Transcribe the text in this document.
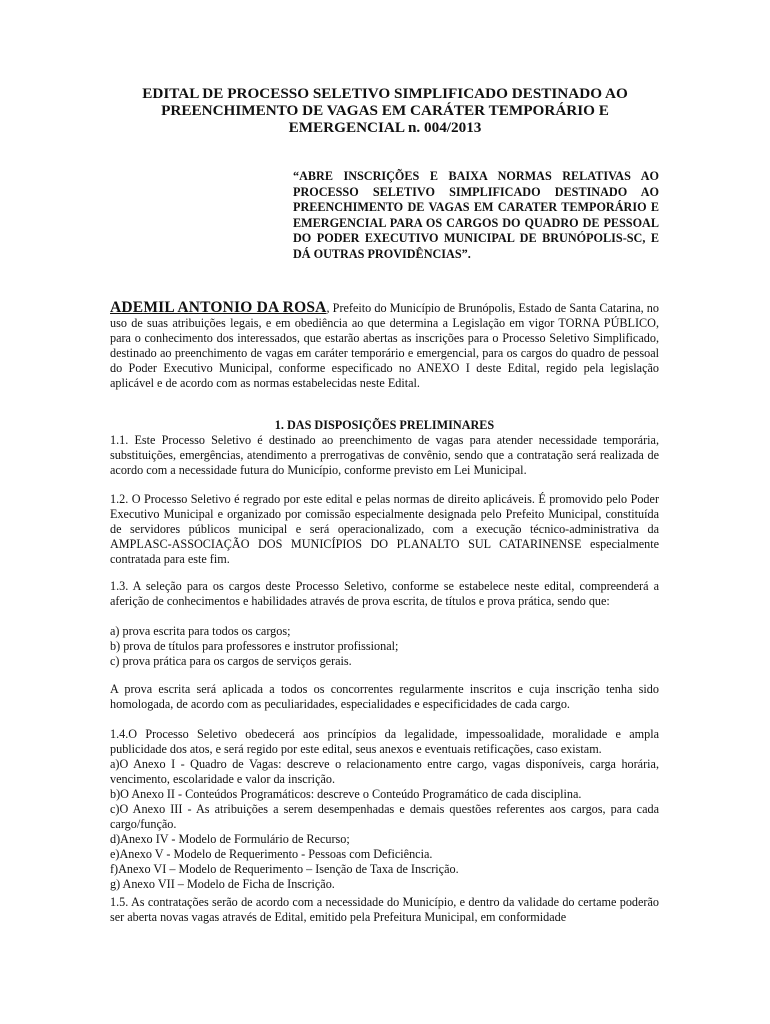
EDITAL DE PROCESSO SELETIVO SIMPLIFICADO DESTINADO AO PREENCHIMENTO DE VAGAS EM CARÁTER TEMPORÁRIO E EMERGENCIAL n. 004/2013
“ABRE INSCRIÇÕES E BAIXA NORMAS RELATIVAS AO PROCESSO SELETIVO SIMPLIFICADO DESTINADO AO PREENCHIMENTO DE VAGAS EM CARATER TEMPORÁRIO E EMERGENCIAL PARA OS CARGOS DO QUADRO DE PESSOAL DO PODER EXECUTIVO MUNICIPAL DE BRUNÓPOLIS-SC, E DÁ OUTRAS PROVIDÊNCIAS”.
ADEMIL ANTONIO DA ROSA, Prefeito do Município de Brunópolis, Estado de Santa Catarina, no uso de suas atribuições legais, e em obediência ao que determina a Legislação em vigor TORNA PÚBLICO, para o conhecimento dos interessados, que estarão abertas as inscrições para o Processo Seletivo Simplificado, destinado ao preenchimento de vagas em caráter temporário e emergencial, para os cargos do quadro de pessoal do Poder Executivo Municipal, conforme especificado no ANEXO I deste Edital, regido pela legislação aplicável e de acordo com as normas estabelecidas neste Edital.
1. DAS DISPOSIÇÕES PRELIMINARES
1.1. Este Processo Seletivo é destinado ao preenchimento de vagas para atender necessidade temporária, substituições, emergências, atendimento a prerrogativas de convênio, sendo que a contratação será realizada de acordo com a necessidade futura do Município, conforme previsto em Lei Municipal.
1.2. O Processo Seletivo é regrado por este edital e pelas normas de direito aplicáveis. É promovido pelo Poder Executivo Municipal e organizado por comissão especialmente designada pelo Prefeito Municipal, constituída de servidores públicos municipal e será operacionalizado, com a execução técnico-administrativa da AMPLASC-ASSOCIAÇÃO DOS MUNICÍPIOS DO PLANALTO SUL CATARINENSE especialmente contratada para este fim.
1.3. A seleção para os cargos deste Processo Seletivo, conforme se estabelece neste edital, compreenderá a aferição de conhecimentos e habilidades através de prova escrita, de títulos e prova prática, sendo que:
a) prova escrita para todos os cargos;
b) prova de títulos para professores e instrutor profissional;
c) prova prática para os cargos de serviços gerais.
A prova escrita será aplicada a todos os concorrentes regularmente inscritos e cuja inscrição tenha sido homologada, de acordo com as peculiaridades, especialidades e especificidades de cada cargo.
1.4.O Processo Seletivo obedecerá aos princípios da legalidade, impessoalidade, moralidade e ampla publicidade dos atos, e será regido por este edital, seus anexos e eventuais retificações, caso existam.
a)O Anexo I - Quadro de Vagas: descreve o relacionamento entre cargo, vagas disponíveis, carga horária, vencimento, escolaridade e valor da inscrição.
b)O Anexo II - Conteúdos Programáticos: descreve o Conteúdo Programático de cada disciplina.
c)O Anexo III - As atribuições a serem desempenhadas e demais questões referentes aos cargos, para cada cargo/função.
d)Anexo IV - Modelo de Formulário de Recurso;
e)Anexo V - Modelo de Requerimento - Pessoas com Deficiência.
f)Anexo VI – Modelo de Requerimento – Isenção de Taxa de Inscrição.
g) Anexo VII – Modelo de Ficha de Inscrição.
1.5. As contratações serão de acordo com a necessidade do Município, e dentro da validade do certame poderão ser aberta novas vagas através de Edital, emitido pela Prefeitura Municipal, em conformidade
